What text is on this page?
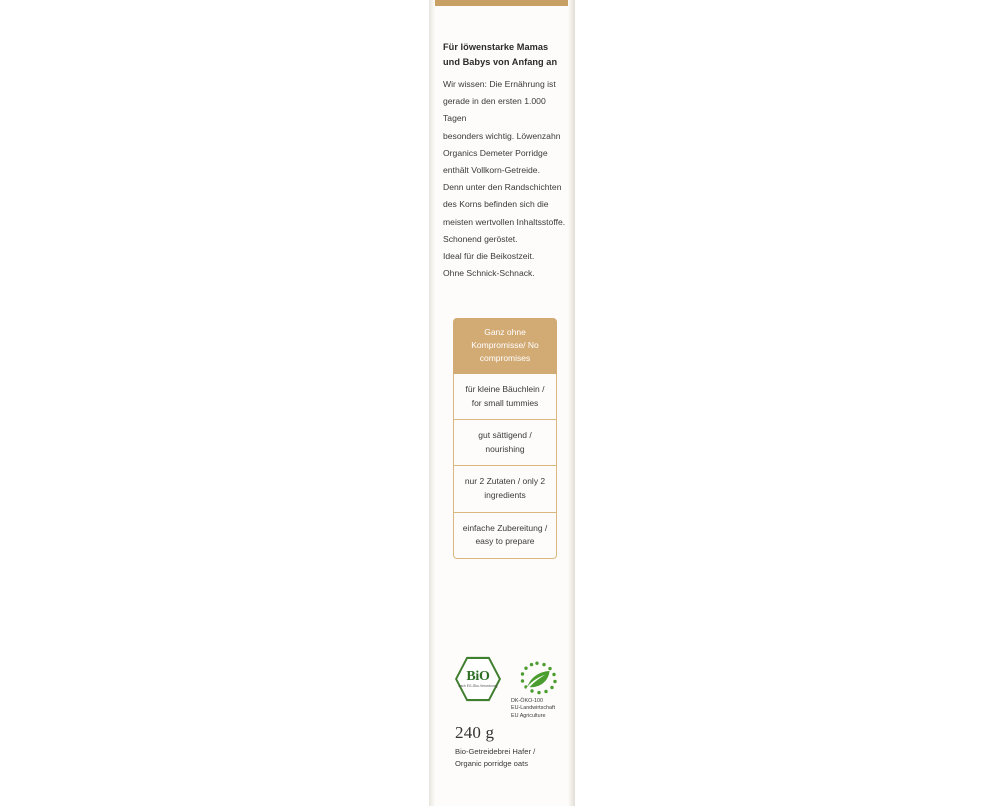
Für löwenstarke Mamas und Babys von Anfang an

Wir wissen: Die Ernährung ist

gerade in den ersten 1.000 Tagen

besonders wichtig. Löwenzahn

Organics Demeter Porridge

enthält Vollkorn-Getreide.

Denn unter den Randschichten

des Korns befinden sich die

meisten wertvollen Inhaltsstoffe.

Schonend geröstet.

Ideal für die Beikostzeit.

Ohne Schnick-Schnack.

Ganz ohne Kompromisse/ No compromises
für kleine Bäuchlein / for small tummies
gut sättigend / nourishing
nur 2 Zutaten / only 2 ingredients
einfache Zubereitung / easy to prepare
BiO
nach EG-Öko-Verordnung
DK-ÖKO-100
EU-Landwirtschaft
EU Agriculture
240 g
Bio-Getreidebrei Hafer /
Organic porridge oats
